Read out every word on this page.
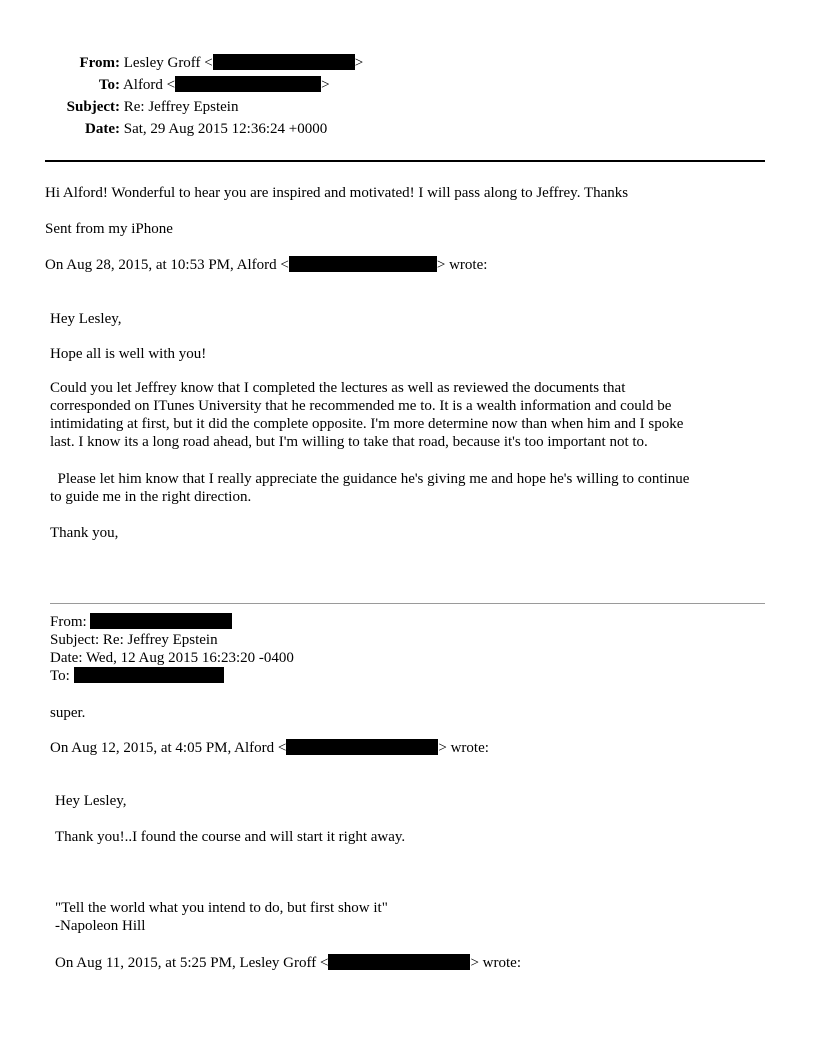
From: Lesley Groff <	>
To: Alford <	>
Subject: Re: Jeffrey Epstein
Date: Sat, 29 Aug 2015 12:36:24 +0000
Hi Alford! Wonderful to hear you are inspired and motivated! I will pass along to Jeffrey. Thanks
Sent from my iPhone
On Aug 28, 2015, at 10:53 PM, Alford <	> wrote:
Hey Lesley,
Hope all is well with you!
Could you let Jeffrey know that I completed the lectures as well as reviewed the documents that
corresponded on ITunes University that he recommended me to. It is a wealth information and could be
intimidating at first, but it did the complete opposite. I'm more determine now than when him and I spoke
last. I know its a long road ahead, but I'm willing to take that road, because it's too important not to.
Please let him know that I really appreciate the guidance he's giving me and hope he's willing to continue
to guide me in the right direction.
Thank you,
From:
Subject: Re: Jeffrey Epstein
Date: Wed, 12 Aug 2015 16:23:20 -0400
To:
super.
On Aug 12, 2015, at 4:05 PM, Alford <	> wrote:
Hey Lesley,
Thank you!..I found the course and will start it right away.
"Tell the world what you intend to do, but first show it"
-Napoleon Hill
On Aug 11, 2015, at 5:25 PM, Lesley Groff <	> wrote:
